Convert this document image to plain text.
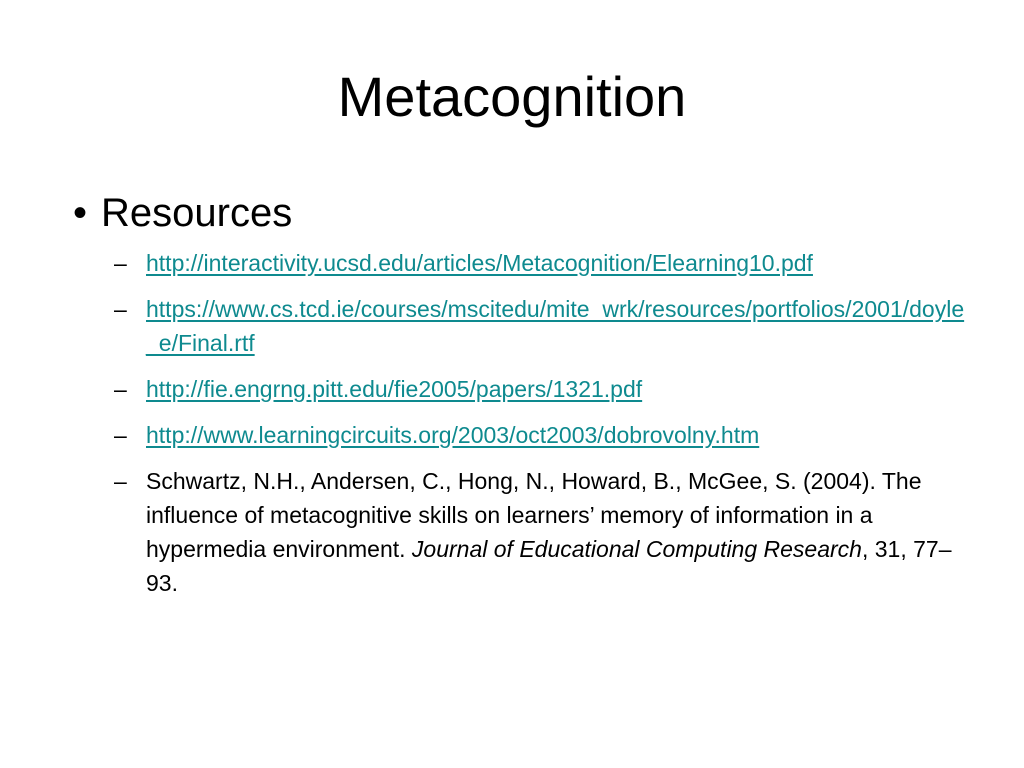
Metacognition
• Resources
– http://interactivity.ucsd.edu/articles/Metacognition/Elearning10.pdf
– https://www.cs.tcd.ie/courses/mscitedu/mite_wrk/resources/portfolios/2001/doyle_e/Final.rtf
– http://fie.engrng.pitt.edu/fie2005/papers/1321.pdf
– http://www.learningcircuits.org/2003/oct2003/dobrovolny.htm
– Schwartz, N.H., Andersen, C., Hong, N., Howard, B., McGee, S. (2004). The influence of metacognitive skills on learners’ memory of information in a hypermedia environment. Journal of Educational Computing Research, 31, 77–93.
